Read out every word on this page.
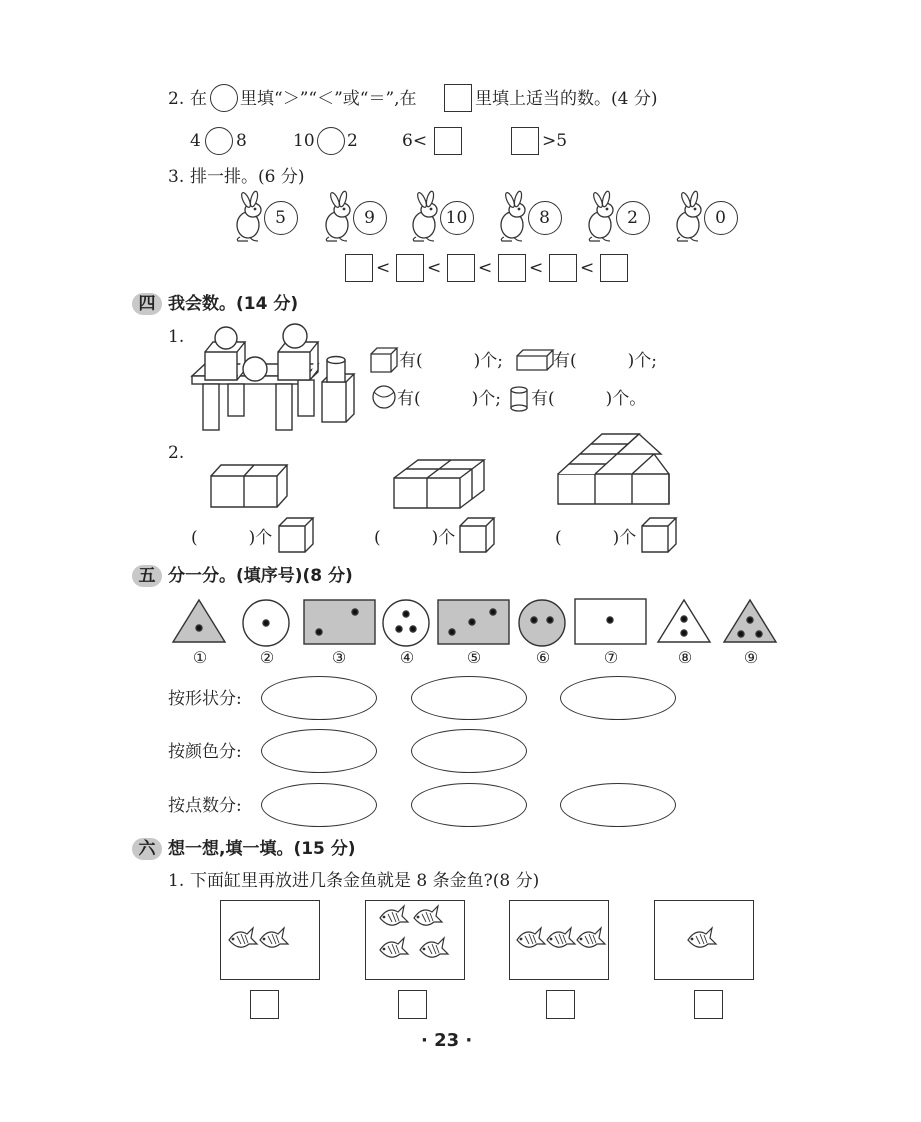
2. 在 里填“＞”“＜”或“＝”,在	里填上适当的数。(4 分)
4 8	10 2	6<	>5
3. 排一排。(6 分)
5	9	10	8	2	0
< < < < <
四 我会数。(14 分)
1.
有(　　　)个;	有(　　　)个;
有(　　　)个; 有(　　　)个。
2.
(　　　)个	(　　　)个	(　　　)个
五 分一分。(填序号)(8 分)
①	②	③	④	⑤	⑥	⑦	⑧	⑨
按形状分:
按颜色分:
按点数分:
六 想一想,填一填。(15 分)
1. 下面缸里再放进几条金鱼就是 8 条金鱼?(8 分)
· 23 ·
